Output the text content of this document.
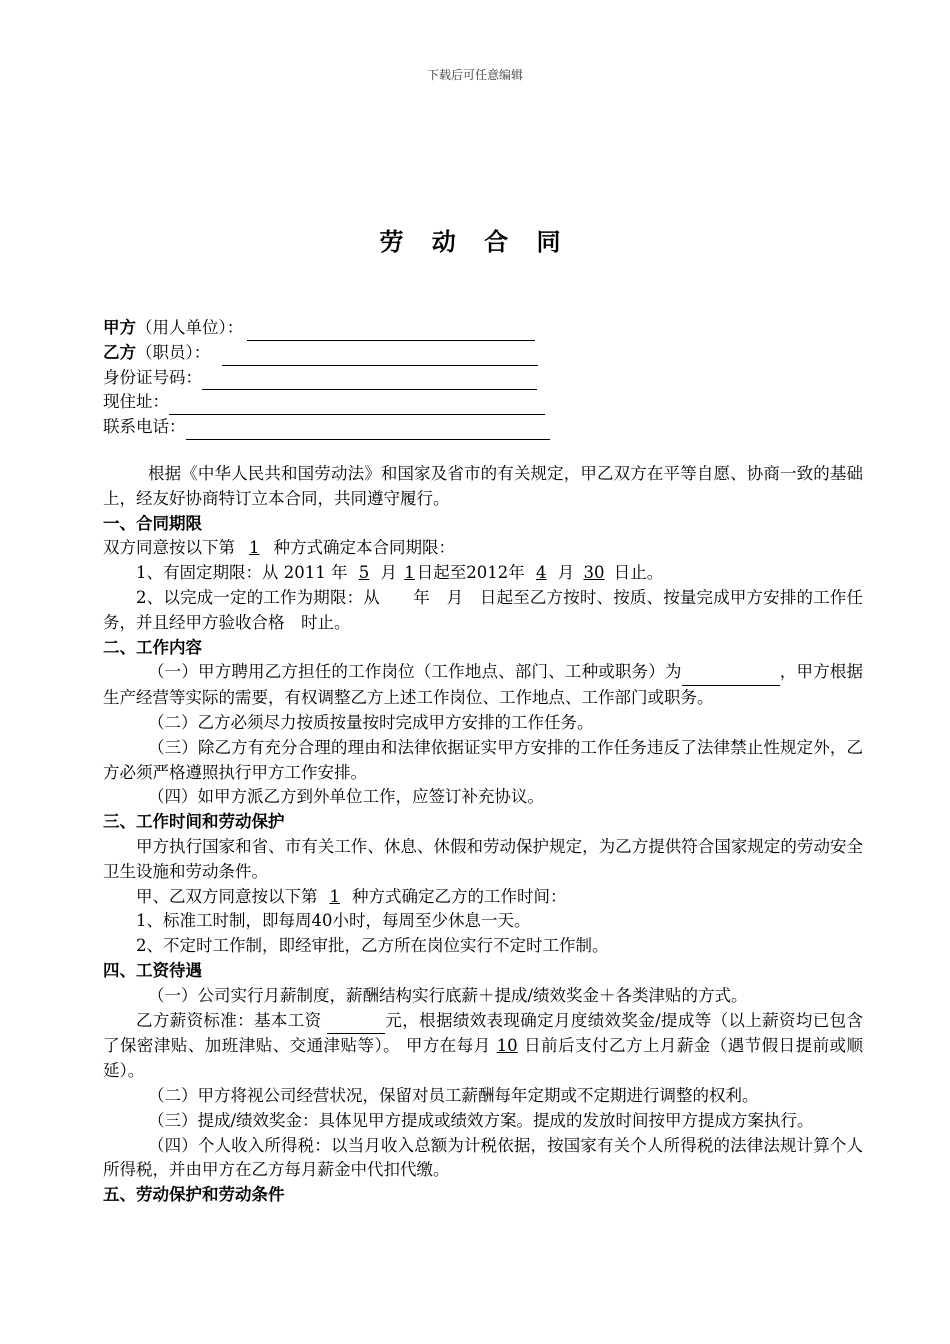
下载后可任意编辑
劳 动 合 同
甲方 （用人单位）：
乙方 （职员）：
身份证号码：
现住址：
联系电话：

根据《中华人民共和国劳动法》和国家及省市的有关规定，甲乙双方在平等自愿、协商一致的基础上，经友好协商特订立本合同，共同遵守履行。

一、合同期限

双方同意按以下第 1 种方式确定本合同期限：

1、有固定期限：从 2011 年 5 月 1 日起至2012年 4 月 30 日止。

2、以完成一定的工作为期限：从　　年　月　日起至乙方按时、按质、按量完成甲方安排的工作任务，并且经甲方验收合格　时止。

二、工作内容

（一）甲方聘用乙方担任的工作岗位（工作地点、部门、工种或职务）为	，甲方根据生产经营等实际的需要，有权调整乙方上述工作岗位、工作地点、工作部门或职务。

（二）乙方必须尽力按质按量按时完成甲方安排的工作任务。

（三）除乙方有充分合理的理由和法律依据证实甲方安排的工作任务违反了法律禁止性规定外，乙方必须严格遵照执行甲方工作安排。

（四）如甲方派乙方到外单位工作，应签订补充协议。

三、工作时间和劳动保护

甲方执行国家和省、市有关工作、休息、休假和劳动保护规定，为乙方提供符合国家规定的劳动安全卫生设施和劳动条件。

甲、乙双方同意按以下第 1 种方式确定乙方的工作时间：

1、标准工时制，即每周40小时，每周至少休息一天。

2、不定时工作制，即经审批，乙方所在岗位实行不定时工作制。

四、工资待遇

（一）公司实行月薪制度，薪酬结构实行底薪＋提成/绩效奖金＋各类津贴的方式。

乙方薪资标准：基本工资	元，根据绩效表现确定月度绩效奖金/提成等（以上薪资均已包含了保密津贴、加班津贴、交通津贴等）。 甲方在每月 10 日前后支付乙方上月薪金（遇节假日提前或顺延）。

（二）甲方将视公司经营状况，保留对员工薪酬每年定期或不定期进行调整的权利。

（三）提成/绩效奖金：具体见甲方提成或绩效方案。提成的发放时间按甲方提成方案执行。

（四）个人收入所得税：以当月收入总额为计税依据，按国家有关个人所得税的法律法规计算个人所得税，并由甲方在乙方每月薪金中代扣代缴。

五、劳动保护和劳动条件
